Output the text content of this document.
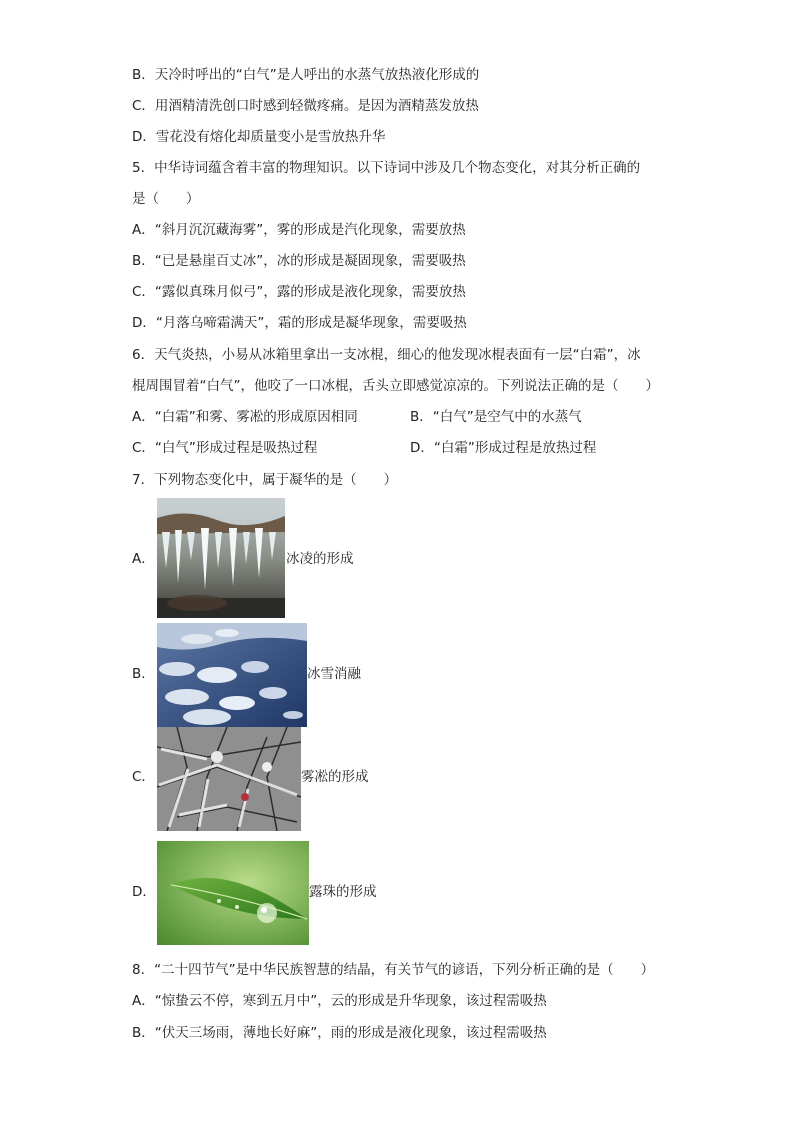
B．天冷时呼出的“白气”是人呼出的水蒸气放热液化形成的
C．用酒精清洗创口时感到轻微疼痛。是因为酒精蒸发放热
D．雪花没有熔化却质量变小是雪放热升华
5．中华诗词蕴含着丰富的物理知识。以下诗词中涉及几个物态变化，对其分析正确的
是（　　）
A．“斜月沉沉藏海雾”，雾的形成是汽化现象，需要放热
B．“已是悬崖百丈冰”，冰的形成是凝固现象，需要吸热
C．“露似真珠月似弓”，露的形成是液化现象，需要放热
D．“月落乌啼霜满天”，霜的形成是凝华现象，需要吸热
6．天气炎热，小易从冰箱里拿出一支冰棍，细心的他发现冰棍表面有一层“白霜”，冰
棍周围冒着“白气”，他咬了一口冰棍，舌头立即感觉凉凉的。下列说法正确的是（　　）
A．“白霜”和雾、雾凇的形成原因相同	B．“白气”是空气中的水蒸气
C．“白气”形成过程是吸热过程	D．“白霜”形成过程是放热过程
7．下列物态变化中，属于凝华的是（　　）
A．	冰凌的形成
B．	冰雪消融
C．	雾凇的形成
D．	露珠的形成
8．“二十四节气”是中华民族智慧的结晶，有关节气的谚语，下列分析正确的是（　　）
A．“惊蛰云不停，寒到五月中”，云的形成是升华现象，该过程需吸热
B．“伏天三场雨，薄地长好麻”，雨的形成是液化现象，该过程需吸热
